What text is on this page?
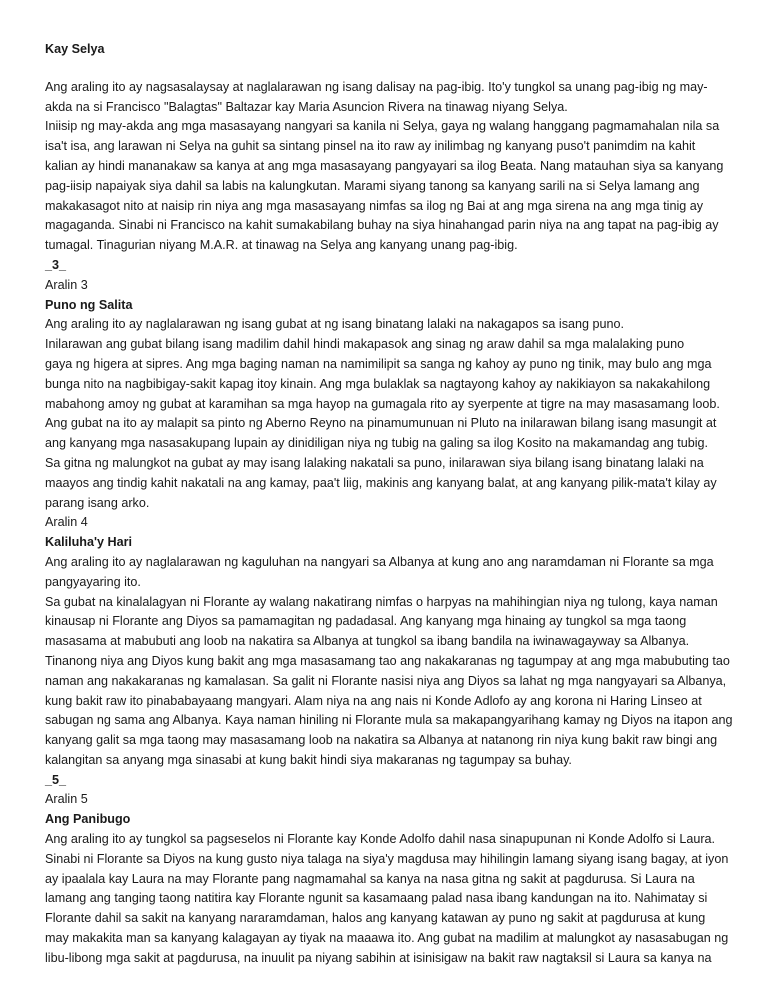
Kay Selya
Ang araling ito ay nagsasalaysay at naglalarawan ng isang dalisay na pag-ibig. Ito'y tungkol sa unang pag-ibig ng may-
akda na si Francisco "Balagtas" Baltazar kay Maria Asuncion Rivera na tinawag niyang Selya.
Iniisip ng may-akda ang mga masasayang nangyari sa kanila ni Selya, gaya ng walang hanggang pagmamahalan nila sa
isa't isa, ang larawan ni Selya na guhit sa sintang pinsel na ito raw ay inilimbag ng kanyang puso't panimdim na kahit
kalian ay hindi mananakaw sa kanya at ang mga masasayang pangyayari sa ilog Beata. Nang matauhan siya sa kanyang
pag-iisip napaiyak siya dahil sa labis na kalungkutan. Marami siyang tanong sa kanyang sarili na si Selya lamang ang
makakasagot nito at naisip rin niya ang mga masasayang nimfas sa ilog ng Bai at ang mga sirena na ang mga tinig ay
magaganda. Sinabi ni Francisco na kahit sumakabilang buhay na siya hinahangad parin niya na ang tapat na pag-ibig ay
tumagal. Tinagurian niyang M.A.R. at tinawag na Selya ang kanyang unang pag-ibig.
_3_
Aralin 3
Puno ng Salita
Ang araling ito ay naglalarawan ng isang gubat at ng isang binatang lalaki na nakagapos sa isang puno.
Inilarawan ang gubat bilang isang madilim dahil hindi makapasok ang sinag ng araw dahil sa mga malalaking puno
gaya ng higera at sipres. Ang mga baging naman na namimilipit sa sanga ng kahoy ay puno ng tinik, may bulo ang mga
bunga nito na nagbibigay-sakit kapag itoy kinain. Ang mga bulaklak sa nagtayong kahoy ay nakikiayon sa nakakahilong
mabahong amoy ng gubat at karamihan sa mga hayop na gumagala rito ay syerpente at tigre na may masasamang loob.
Ang gubat na ito ay malapit sa pinto ng Aberno Reyno na pinamumunuan ni Pluto na inilarawan bilang isang masungit at
ang kanyang mga nasasakupang lupain ay dinidiligan niya ng tubig na galing sa ilog Kosito na makamandag ang tubig.
Sa gitna ng malungkot na gubat ay may isang lalaking nakatali sa puno, inilarawan siya bilang isang binatang lalaki na
maayos ang tindig kahit nakatali na ang kamay, paa't liig, makinis ang kanyang balat, at ang kanyang pilik-mata't kilay ay
parang isang arko.
Aralin 4
Kaliluha'y Hari
Ang araling ito ay naglalarawan ng kaguluhan na nangyari sa Albanya at kung ano ang naramdaman ni Florante sa mga
pangyayaring ito.
Sa gubat na kinalalagyan ni Florante ay walang nakatirang nimfas o harpyas na mahihingian niya ng tulong, kaya naman
kinausap ni Florante ang Diyos sa pamamagitan ng padadasal. Ang kanyang mga hinaing ay tungkol sa mga taong
masasama at mabubuti ang loob na nakatira sa Albanya at tungkol sa ibang bandila na iwinawagayway sa Albanya.
Tinanong niya ang Diyos kung bakit ang mga masasamang tao ang nakakaranas ng tagumpay at ang mga mabubuting tao
naman ang nakakaranas ng kamalasan. Sa galit ni Florante nasisi niya ang Diyos sa lahat ng mga nangyayari sa Albanya,
kung bakit raw ito pinababayaang mangyari. Alam niya na ang nais ni Konde Adlofo ay ang korona ni Haring Linseo at
sabugan ng sama ang Albanya. Kaya naman hiniling ni Florante mula sa makapangyarihang kamay ng Diyos na itapon ang
kanyang galit sa mga taong may masasamang loob na nakatira sa Albanya at natanong rin niya kung bakit raw bingi ang
kalangitan sa anyang mga sinasabi at kung bakit hindi siya makaranas ng tagumpay sa buhay.
_5_
Aralin 5
Ang Panibugo
Ang araling ito ay tungkol sa pagseselos ni Florante kay Konde Adolfo dahil nasa sinapupunan ni Konde Adolfo si Laura.
Sinabi ni Florante sa Diyos na kung gusto niya talaga na siya'y magdusa may hihilingin lamang siyang isang bagay, at iyon
ay ipaalala kay Laura na may Florante pang nagmamahal sa kanya na nasa gitna ng sakit at pagdurusa. Si Laura na
lamang ang tanging taong natitira kay Florante ngunit sa kasamaang palad nasa ibang kandungan na ito. Nahimatay si
Florante dahil sa sakit na kanyang nararamdaman, halos ang kanyang katawan ay puno ng sakit at pagdurusa at kung
may makakita man sa kanyang kalagayan ay tiyak na maaawa ito. Ang gubat na madilim at malungkot ay nasasabugan ng
libu-libong mga sakit at pagdurusa, na inuulit pa niyang sabihin at isinisigaw na bakit raw nagtaksil si Laura sa kanya na
